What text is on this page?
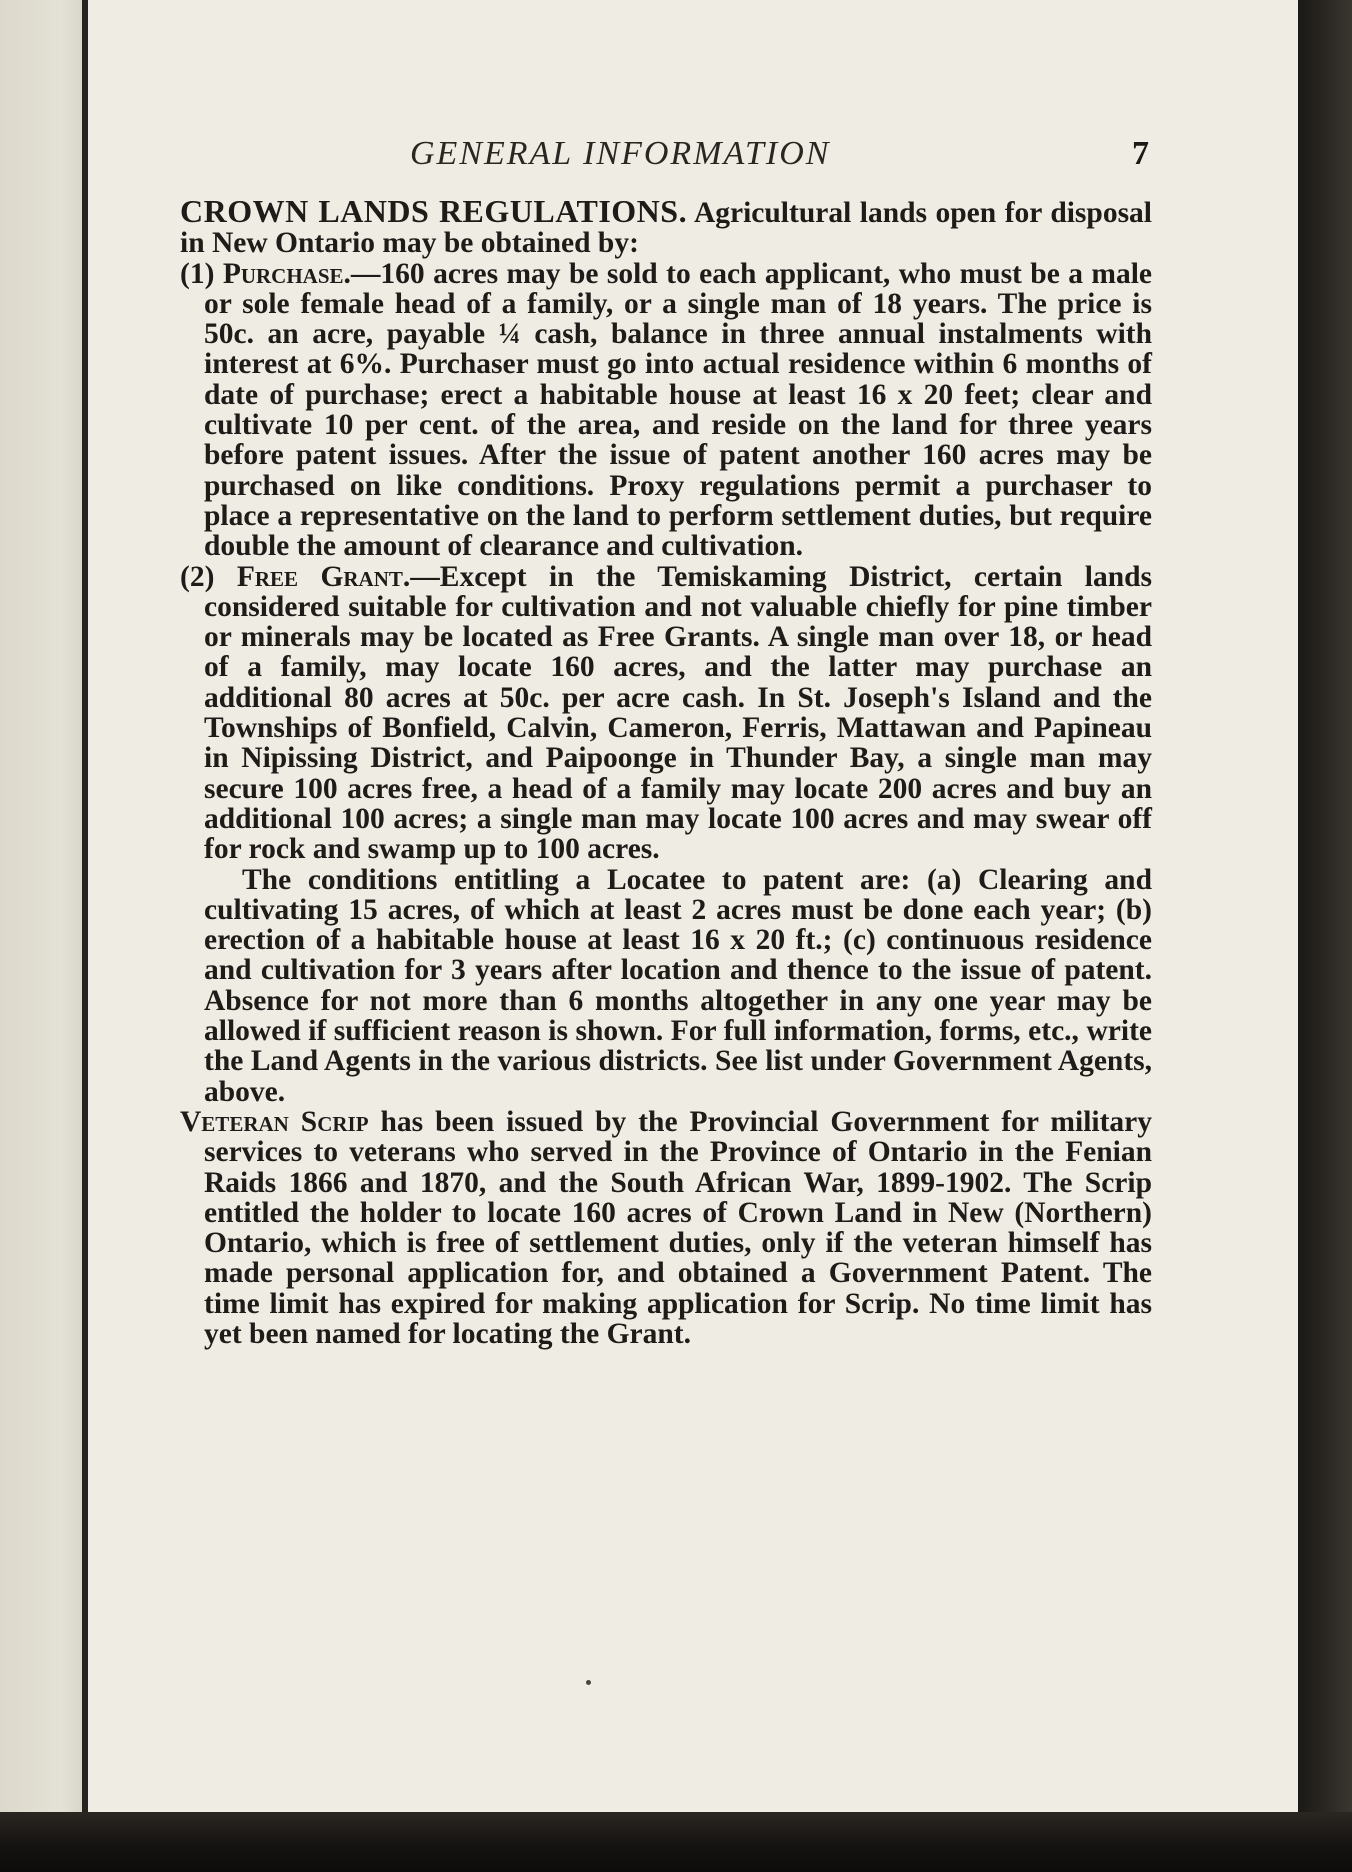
GENERAL INFORMATION	7

CROWN LANDS REGULATIONS. Agricultural lands open for disposal in New Ontario may be obtained by:

(1) Purchase.—160 acres may be sold to each applicant, who must be a male or sole female head of a family, or a single man of 18 years. The price is 50c. an acre, payable ¼ cash, balance in three annual instalments with interest at 6%. Purchaser must go into actual residence within 6 months of date of purchase; erect a habitable house at least 16 x 20 feet; clear and cultivate 10 per cent. of the area, and reside on the land for three years before patent issues. After the issue of patent another 160 acres may be purchased on like conditions. Proxy regulations permit a purchaser to place a representative on the land to perform settlement duties, but require double the amount of clearance and cultivation.

(2) Free Grant.—Except in the Temiskaming District, certain lands considered suitable for cultivation and not valuable chiefly for pine timber or minerals may be located as Free Grants. A single man over 18, or head of a family, may locate 160 acres, and the latter may purchase an additional 80 acres at 50c. per acre cash. In St. Joseph's Island and the Townships of Bonfield, Calvin, Cameron, Ferris, Mattawan and Papineau in Nipissing District, and Paipoonge in Thunder Bay, a single man may secure 100 acres free, a head of a family may locate 200 acres and buy an additional 100 acres; a single man may locate 100 acres and may swear off for rock and swamp up to 100 acres.

The conditions entitling a Locatee to patent are: (a) Clearing and cultivating 15 acres, of which at least 2 acres must be done each year; (b) erection of a habitable house at least 16 x 20 ft.; (c) continuous residence and cultivation for 3 years after location and thence to the issue of patent. Absence for not more than 6 months altogether in any one year may be allowed if sufficient reason is shown. For full information, forms, etc., write the Land Agents in the various districts. See list under Government Agents, above.

Veteran Scrip has been issued by the Provincial Government for military services to veterans who served in the Province of Ontario in the Fenian Raids 1866 and 1870, and the South African War, 1899-1902. The Scrip entitled the holder to locate 160 acres of Crown Land in New (Northern) Ontario, which is free of settlement duties, only if the veteran himself has made personal application for, and obtained a Government Patent. The time limit has expired for making application for Scrip. No time limit has yet been named for locating the Grant.
